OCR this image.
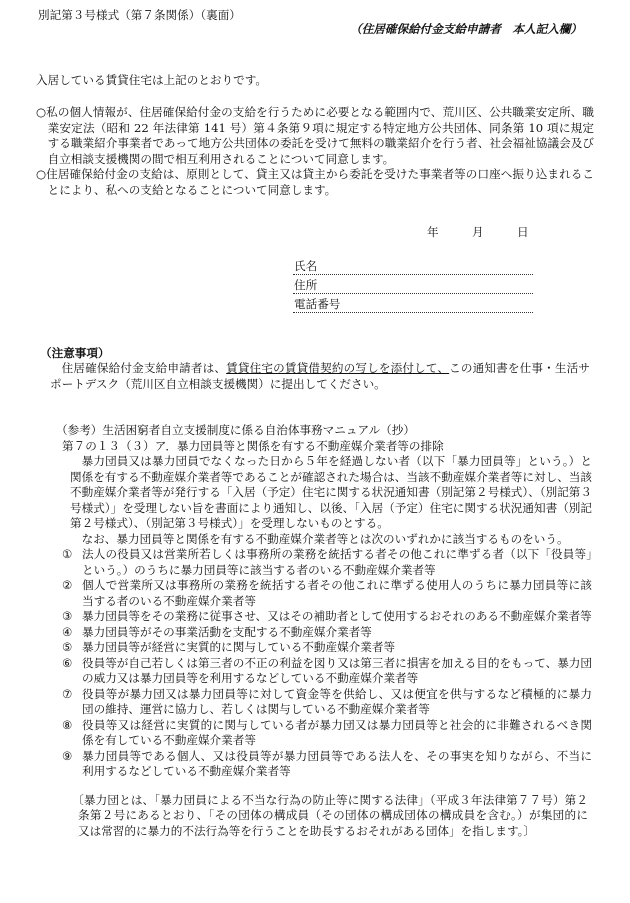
別記第３号様式（第７条関係）（裏面）
（住居確保給付金支給申請者　本人記入欄）
入居している賃貸住宅は上記のとおりです。
○私の個人情報が、住居確保給付金の支給を行うために必要となる範囲内で、荒川区、公共職業安定所、職業安定法（昭和 22 年法律第 141 号）第４条第９項に規定する特定地方公共団体、同条第 10 項に規定する職業紹介事業者であって地方公共団体の委託を受けて無料の職業紹介を行う者、社会福祉協議会及び自立相談支援機関の間で相互利用されることについて同意します。
○住居確保給付金の支給は、原則として、貸主又は貸主から委託を受けた事業者等の口座へ振り込まれることにより、私への支給となることについて同意します。
年	月	日
氏名
住所
電話番号
（注意事項）
住居確保給付金支給申請者は、賃貸住宅の賃貸借契約の写しを添付して、この通知書を仕事・生活サポートデスク（荒川区自立相談支援機関）に提出してください。
（参考）生活困窮者自立支援制度に係る自治体事務マニュアル（抄）
第７の１３（３）ア．暴力団員等と関係を有する不動産媒介業者等の排除
暴力団員又は暴力団員でなくなった日から５年を経過しない者（以下「暴力団員等」という。）と関係を有する不動産媒介業者等であることが確認された場合は、当該不動産媒介業者等に対し、当該不動産媒介業者等が発行する「入居（予定）住宅に関する状況通知書（別記第２号様式）、（別記第３号様式）」を受理しない旨を書面により通知し、以後、「入居（予定）住宅に関する状況通知書（別記第２号様式）、（別記第３号様式）」を受理しないものとする。
なお、暴力団員等と関係を有する不動産媒介業者等とは次のいずれかに該当するものをいう。
① 法人の役員又は営業所若しくは事務所の業務を統括する者その他これに準ずる者（以下「役員等」という。）のうちに暴力団員等に該当する者のいる不動産媒介業者等
② 個人で営業所又は事務所の業務を統括する者その他これに準ずる使用人のうちに暴力団員等に該当する者のいる不動産媒介業者等
③ 暴力団員等をその業務に従事させ、又はその補助者として使用するおそれのある不動産媒介業者等
④ 暴力団員等がその事業活動を支配する不動産媒介業者等
⑤ 暴力団員等が経営に実質的に関与している不動産媒介業者等
⑥ 役員等が自己若しくは第三者の不正の利益を図り又は第三者に損害を加える目的をもって、暴力団の威力又は暴力団員等を利用するなどしている不動産媒介業者等
⑦ 役員等が暴力団又は暴力団員等に対して資金等を供給し、又は便宜を供与するなど積極的に暴力団の維持、運営に協力し、若しくは関与している不動産媒介業者等
⑧ 役員等又は経営に実質的に関与している者が暴力団又は暴力団員等と社会的に非難されるべき関係を有している不動産媒介業者等
⑨ 暴力団員等である個人、又は役員等が暴力団員等である法人を、その事実を知りながら、不当に利用するなどしている不動産媒介業者等
〔暴力団とは、「暴力団員による不当な行為の防止等に関する法律」（平成３年法律第７７号）第２条第２号にあるとおり、「その団体の構成員（その団体の構成団体の構成員を含む。）が集団的に又は常習的に暴力的不法行為等を行うことを助長するおそれがある団体」を指します。〕
